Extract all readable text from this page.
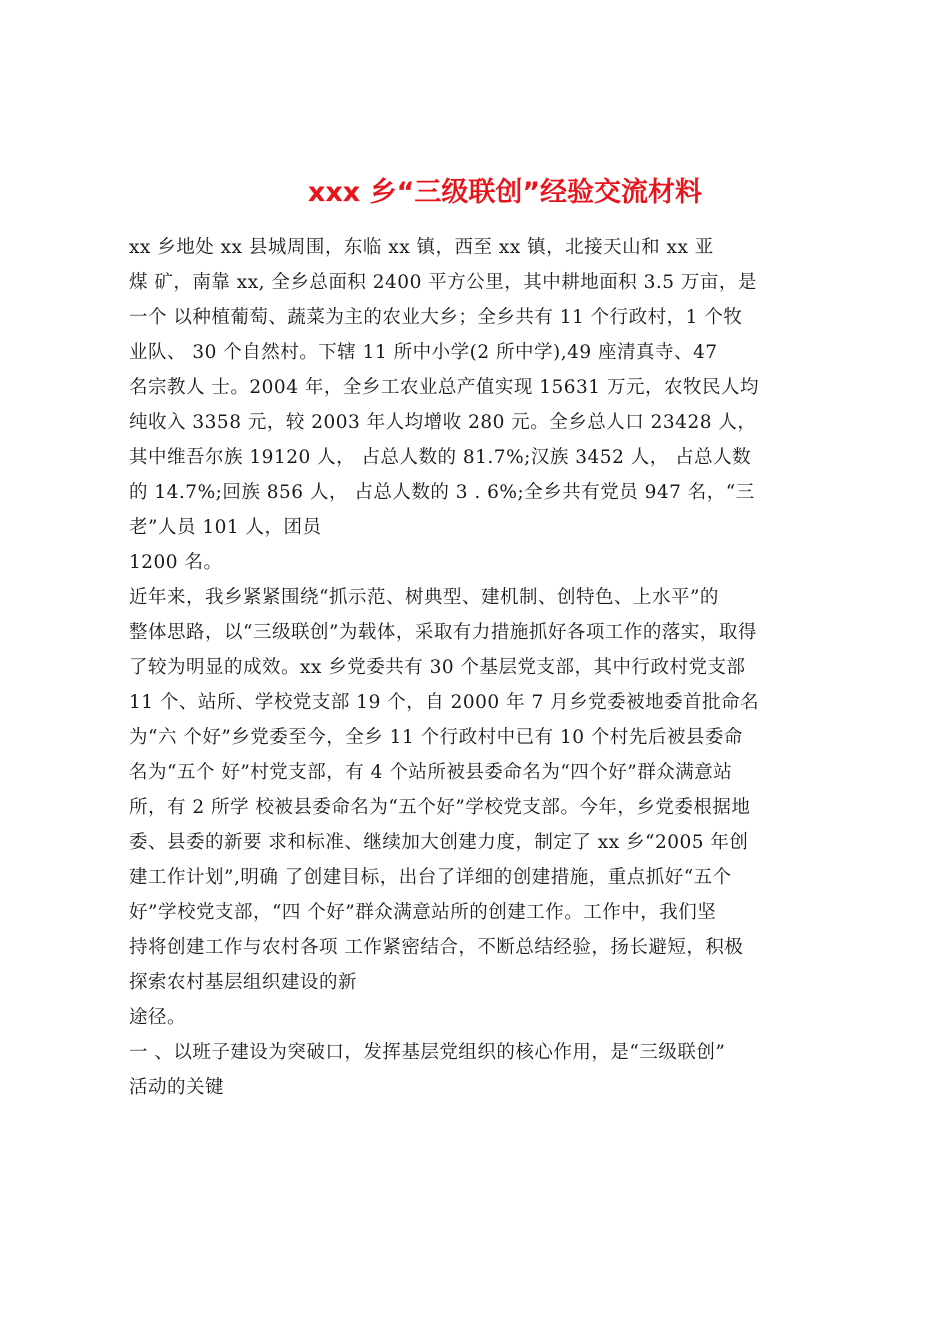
xxx 乡“三级联创”经验交流材料
xx 乡地处 xx 县城周围，东临 xx 镇，西至 xx 镇，北接天山和 xx 亚
煤 矿，南靠 xx, 全乡总面积 2400 平方公里，其中耕地面积 3.5 万亩，是
一个 以种植葡萄、蔬菜为主的农业大乡；全乡共有 11 个行政村，1 个牧
业队、 30 个自然村。下辖 11 所中小学(2 所中学),49 座清真寺、47
名宗教人 士。2004 年，全乡工农业总产值实现 15631 万元，农牧民人均
纯收入 3358 元，较 2003 年人均增收 280 元。全乡总人口 23428 人，
其中维吾尔族 19120 人， 占总人数的 81.7%;汉族 3452 人， 占总人数
的 14.7%;回族 856 人， 占总人数的 3 . 6%;全乡共有党员 947 名，“三
老”人员 101 人，团员
1200 名。
近年来，我乡紧紧围绕“抓示范、树典型、建机制、创特色、上水平”的
整体思路，以“三级联创”为载体，采取有力措施抓好各项工作的落实，取得
了较为明显的成效。xx 乡党委共有 30 个基层党支部，其中行政村党支部
11 个、站所、学校党支部 19 个，自 2000 年 7 月乡党委被地委首批命名
为“六 个好”乡党委至今，全乡 11 个行政村中已有 10 个村先后被县委命
名为“五个 好”村党支部，有 4 个站所被县委命名为“四个好”群众满意站
所，有 2 所学 校被县委命名为“五个好”学校党支部。今年，乡党委根据地
委、县委的新要 求和标准、继续加大创建力度，制定了 xx 乡“2005 年创
建工作计划”,明确 了创建目标，出台了详细的创建措施，重点抓好“五个
好”学校党支部，“四 个好”群众满意站所的创建工作。工作中，我们坚
持将创建工作与农村各项 工作紧密结合，不断总结经验，扬长避短，积极
探索农村基层组织建设的新
途径。
一 、以班子建设为突破口，发挥基层党组织的核心作用，是“三级联创”
活动的关键
